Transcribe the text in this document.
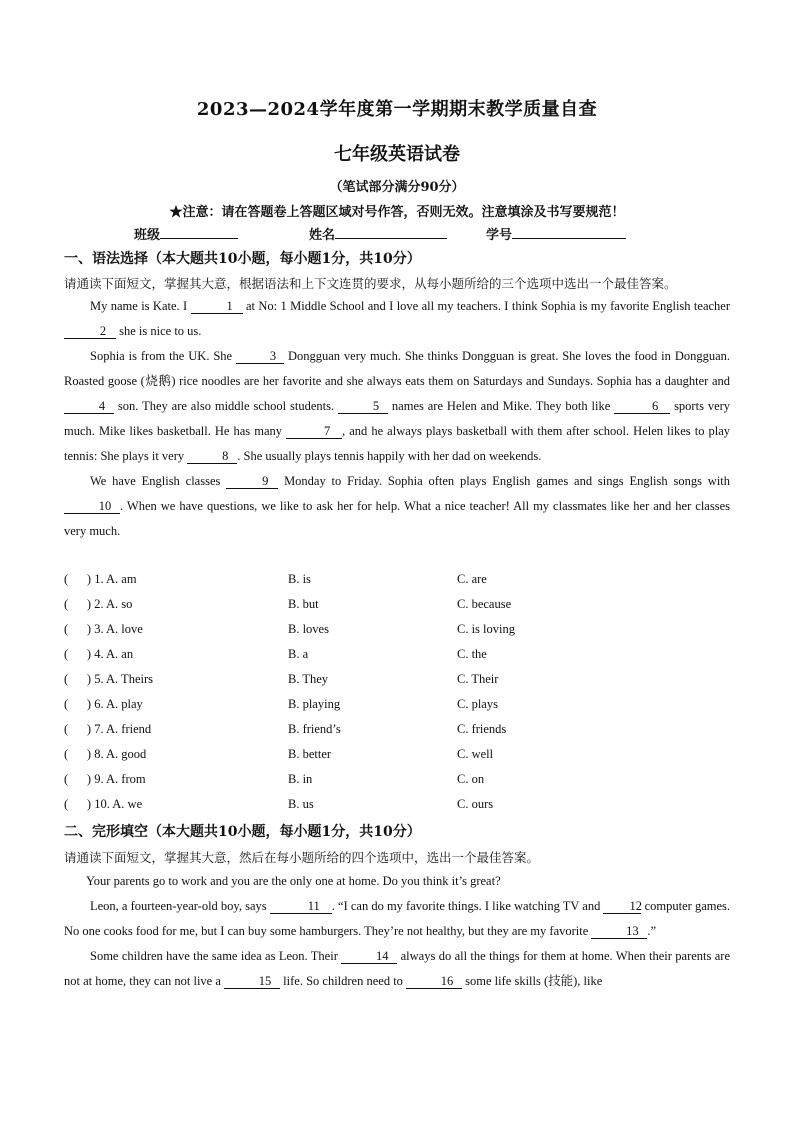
2023—2024学年度第一学期期末教学质量自查
七年级英语试卷
（笔试部分满分90分）
★注意：请在答题卷上答题区域对号作答，否则无效。注意填涂及书写要规范！
班级	姓名	学号
一、语法选择（本大题共10小题，每小题1分，共10分）
请通读下面短文，掌握其大意，根据语法和上下文连贯的要求，从每小题所给的三个选项中选出一个最佳答案。

My name is Kate. I	1 at No: 1 Middle School and I love all my teachers. I think Sophia is my favorite English teacher 2 she is nice to us.

Sophia is from the UK. She	3 Dongguan very much. She thinks Dongguan is great. She loves the food in Dongguan. Roasted goose (烧鹅) rice noodles are her favorite and she always eats them on Saturdays and Sundays. Sophia has a daughter and 4 son. They are also middle school students.	5 names are Helen and Mike. They both like	6 sports very much. Mike likes basketball. He has many	7 , and he always plays basketball with them after school. Helen likes to play tennis: She plays it very	8 . She usually plays tennis happily with her dad on weekends.

We have English classes	9 Monday to Friday. Sophia often plays English games and sings English songs with 10 . When we have questions, we like to ask her for help. What a nice teacher! All my classmates like her and her classes very much.

(      ) 1. A. am	B. is	C. are
(      ) 2. A. so	B. but	C. because
(      ) 3. A. love	B. loves	C. is loving
(      ) 4. A. an	B. a	C. the
(      ) 5. A. Theirs	B. They	C. Their
(      ) 6. A. play	B. playing	C. plays
(      ) 7. A. friend	B. friend’s	C. friends
(      ) 8. A. good	B. better	C. well
(      ) 9. A. from	B. in	C. on
(      ) 10. A. we	B. us	C. ours
二、完形填空（本大题共10小题，每小题1分，共10分）
请通读下面短文，掌握其大意，然后在每小题所给的四个选项中，选出一个最佳答案。

Your parents go to work and you are the only one at home. Do you think it’s great?

Leon, a fourteen-year-old boy, says	11 . “I can do my favorite things. I like watching TV and 12 computer games. No one cooks food for me, but I can buy some hamburgers. They’re not healthy, but they are my favorite	13 .”

Some children have the same idea as Leon. Their	14 always do all the things for them at home. When their parents are not at home, they can not live a	15 life. So children need to	16 some life skills (技能), like
